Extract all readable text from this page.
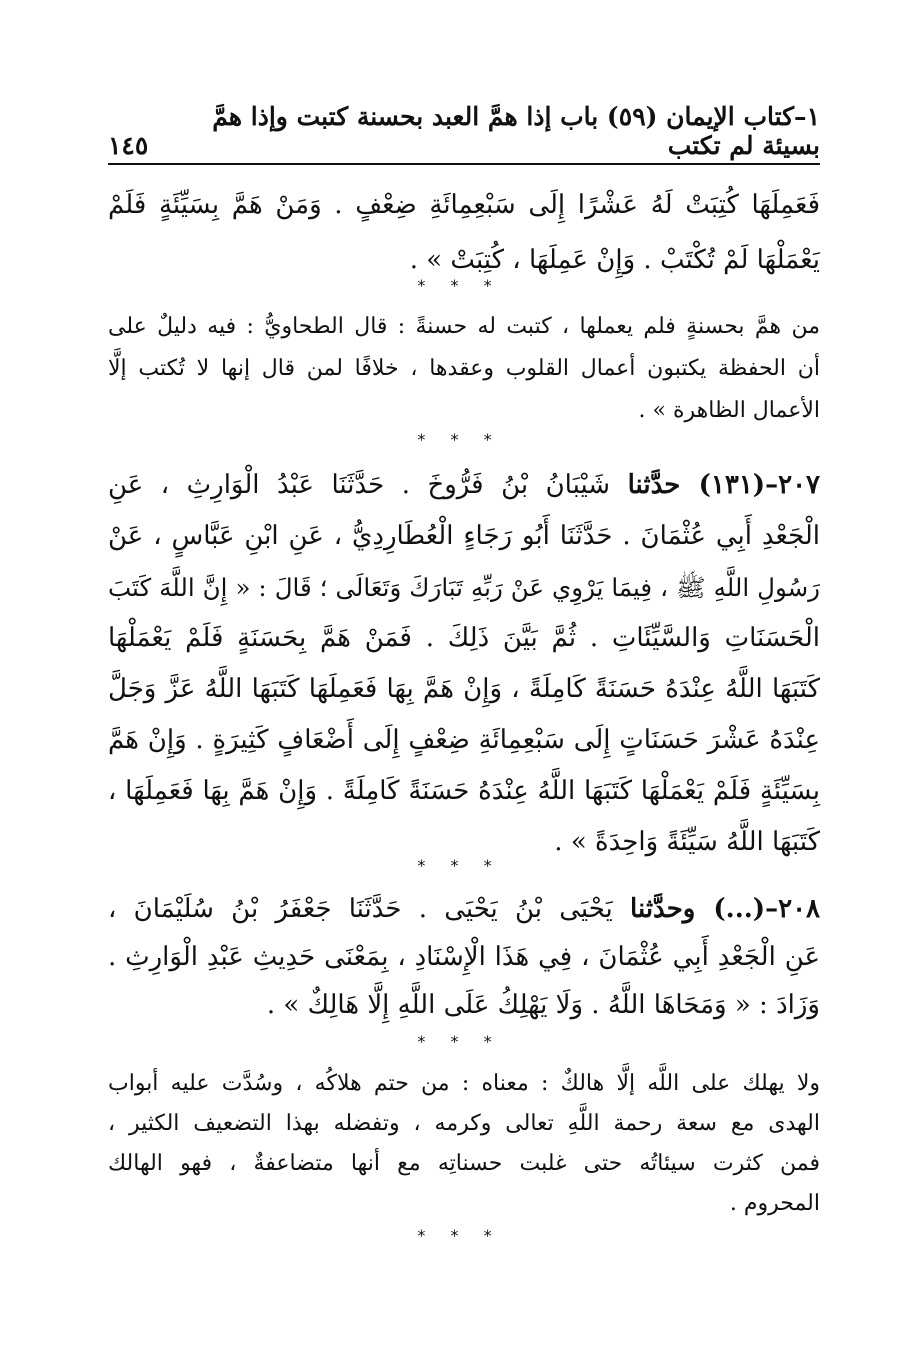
١–كتاب الإيمان (٥٩) باب إذا همَّ العبد بحسنة كتبت وإذا همَّ بسيئة لم تكتب
١٤٥
فَعَمِلَهَا كُتِبَتْ لَهُ عَشْرًا إِلَى سَبْعِمِائَةِ ضِعْفٍ . وَمَنْ هَمَّ بِسَيِّئَةٍ فَلَمْ
يَعْمَلْهَا لَمْ تُكْتَبْ . وَإِنْ عَمِلَهَا ، كُتِبَتْ » .
* * *
من همَّ بحسنةٍ فلم يعملها ، كتبت له حسنةً : قال الطحاويُّ : فيه دليلٌ على
أن الحفظة يكتبون أعمال القلوب وعقدها ، خلافًا لمن قال إنها لا تُكتب إلَّا
الأعمال الظاهرة » .
* * *
٢٠٧–(١٣١) حدَّثنا شَيْبَانُ بْنُ فَرُّوخَ . حَدَّثَنَا عَبْدُ الْوَارِثِ ، عَنِ
الْجَعْدِ أَبِي عُثْمَانَ . حَدَّثَنَا أَبُو رَجَاءٍ الْعُطَارِدِيُّ ، عَنِ ابْنِ عَبَّاسٍ ، عَنْ
رَسُولِ اللَّهِ ﷺ ، فِيمَا يَرْوِي عَنْ رَبِّهِ تَبَارَكَ وَتَعَالَى ؛ قَالَ : « إِنَّ اللَّهَ كَتَبَ
الْحَسَنَاتِ وَالسَّيِّئَاتِ . ثُمَّ بَيَّنَ ذَلِكَ . فَمَنْ هَمَّ بِحَسَنَةٍ فَلَمْ يَعْمَلْهَا
كَتَبَهَا اللَّهُ عِنْدَهُ حَسَنَةً كَامِلَةً ، وَإِنْ هَمَّ بِهَا فَعَمِلَهَا كَتَبَهَا اللَّهُ عَزَّ وَجَلَّ
عِنْدَهُ عَشْرَ حَسَنَاتٍ إِلَى سَبْعِمِائَةِ ضِعْفٍ إِلَى أَضْعَافٍ كَثِيرَةٍ . وَإِنْ هَمَّ
بِسَيِّئَةٍ فَلَمْ يَعْمَلْهَا كَتَبَهَا اللَّهُ عِنْدَهُ حَسَنَةً كَامِلَةً . وَإِنْ هَمَّ بِهَا فَعَمِلَهَا ،
كَتَبَهَا اللَّهُ سَيِّئَةً وَاحِدَةً » .
* * *
٢٠٨–(...) وحدَّثنا يَحْيَى بْنُ يَحْيَى . حَدَّثَنَا جَعْفَرُ بْنُ سُلَيْمَانَ ،
عَنِ الْجَعْدِ أَبِي عُثْمَانَ ، فِي هَذَا الْإِسْنَادِ ، بِمَعْنَى حَدِيثِ عَبْدِ الْوَارِثِ .
وَزَادَ : « وَمَحَاهَا اللَّهُ . وَلَا يَهْلِكُ عَلَى اللَّهِ إِلَّا هَالِكٌ » .
* * *
ولا يهلك على اللَّه إلَّا هالكٌ : معناه : من حتم هلاكُه ، وسُدَّت عليه أبواب
الهدى مع سعة رحمة اللَّهِ تعالى وكرمه ، وتفضله بهذا التضعيف الكثير ،
فمن كثرت سيئاتُه حتى غلبت حسناتِه مع أنها متضاعفةٌ ، فهو الهالك
المحروم .
* * *
